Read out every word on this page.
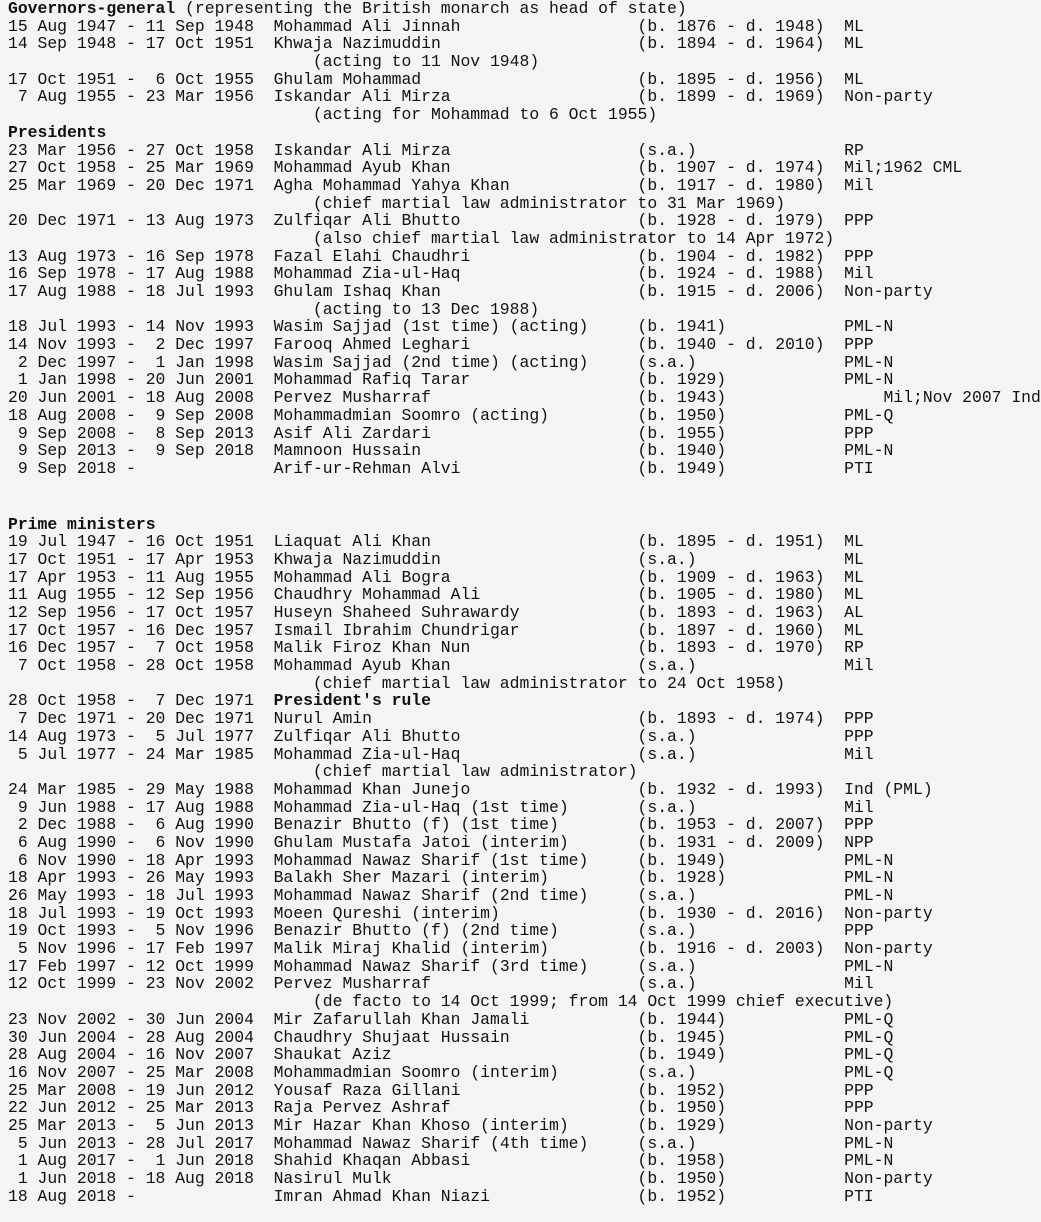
Governors-general (representing the British monarch as head of state)
15 Aug 1947 - 11 Sep 1948 Mohammad Ali Jinnah	(b. 1876 - d. 1948) ML
14 Sep 1948 - 17 Oct 1951 Khwaja Nazimuddin	(b. 1894 - d. 1964) ML
(acting to 11 Nov 1948)
17 Oct 1951 -  6 Oct 1955 Ghulam Mohammad	(b. 1895 - d. 1956) ML
7 Aug 1955 - 23 Mar 1956 Iskandar Ali Mirza	(b. 1899 - d. 1969) Non-party
(acting for Mohammad to 6 Oct 1955)
Presidents
23 Mar 1956 - 27 Oct 1958 Iskandar Ali Mirza	(s.a.)	RP
27 Oct 1958 - 25 Mar 1969 Mohammad Ayub Khan	(b. 1907 - d. 1974) Mil;1962 CML
25 Mar 1969 - 20 Dec 1971 Agha Mohammad Yahya Khan	(b. 1917 - d. 1980) Mil
(chief martial law administrator to 31 Mar 1969)
20 Dec 1971 - 13 Aug 1973 Zulfiqar Ali Bhutto	(b. 1928 - d. 1979) PPP
(also chief martial law administrator to 14 Apr 1972)
13 Aug 1973 - 16 Sep 1978 Fazal Elahi Chaudhri	(b. 1904 - d. 1982) PPP
16 Sep 1978 - 17 Aug 1988 Mohammad Zia-ul-Haq	(b. 1924 - d. 1988) Mil
17 Aug 1988 - 18 Jul 1993 Ghulam Ishaq Khan	(b. 1915 - d. 2006) Non-party
(acting to 13 Dec 1988)
18 Jul 1993 - 14 Nov 1993 Wasim Sajjad (1st time) (acting)	(b. 1941)	PML-N
14 Nov 1993 -  2 Dec 1997 Farooq Ahmed Leghari	(b. 1940 - d. 2010) PPP
2 Dec 1997 -  1 Jan 1998 Wasim Sajjad (2nd time) (acting)	(s.a.)	PML-N
1 Jan 1998 - 20 Jun 2001 Mohammad Rafiq Tarar	(b. 1929)	PML-N
20 Jun 2001 - 18 Aug 2008 Pervez Musharraf	(b. 1943)	Mil;Nov 2007 Ind
18 Aug 2008 -  9 Sep 2008 Mohammadmian Soomro (acting)	(b. 1950)	PML-Q
9 Sep 2008 -  8 Sep 2013 Asif Ali Zardari	(b. 1955)	PPP
9 Sep 2013 -  9 Sep 2018 Mamnoon Hussain	(b. 1940)	PML-N
9 Sep 2018 -              Arif-ur-Rehman Alvi	(b. 1949)	PTI
Prime ministers
19 Jul 1947 - 16 Oct 1951 Liaquat Ali Khan	(b. 1895 - d. 1951) ML
17 Oct 1951 - 17 Apr 1953 Khwaja Nazimuddin	(s.a.)	ML
17 Apr 1953 - 11 Aug 1955 Mohammad Ali Bogra	(b. 1909 - d. 1963) ML
11 Aug 1955 - 12 Sep 1956 Chaudhry Mohammad Ali	(b. 1905 - d. 1980) ML
12 Sep 1956 - 17 Oct 1957 Huseyn Shaheed Suhrawardy	(b. 1893 - d. 1963) AL
17 Oct 1957 - 16 Dec 1957 Ismail Ibrahim Chundrigar	(b. 1897 - d. 1960) ML
16 Dec 1957 -  7 Oct 1958 Malik Firoz Khan Nun	(b. 1893 - d. 1970) RP
7 Oct 1958 - 28 Oct 1958 Mohammad Ayub Khan	(s.a.)	Mil
(chief martial law administrator to 24 Oct 1958)
28 Oct 1958 -  7 Dec 1971 President's rule
7 Dec 1971 - 20 Dec 1971 Nurul Amin	(b. 1893 - d. 1974) PPP
14 Aug 1973 -  5 Jul 1977 Zulfiqar Ali Bhutto	(s.a.)	PPP
5 Jul 1977 - 24 Mar 1985 Mohammad Zia-ul-Haq	(s.a.)	Mil
(chief martial law administrator)
24 Mar 1985 - 29 May 1988 Mohammad Khan Junejo	(b. 1932 - d. 1993) Ind (PML)
9 Jun 1988 - 17 Aug 1988 Mohammad Zia-ul-Haq (1st time)	(s.a.)	Mil
2 Dec 1988 -  6 Aug 1990 Benazir Bhutto (f) (1st time)	(b. 1953 - d. 2007) PPP
6 Aug 1990 -  6 Nov 1990 Ghulam Mustafa Jatoi (interim)	(b. 1931 - d. 2009) NPP
6 Nov 1990 - 18 Apr 1993 Mohammad Nawaz Sharif (1st time)	(b. 1949)	PML-N
18 Apr 1993 - 26 May 1993 Balakh Sher Mazari (interim)	(b. 1928)	PML-N
26 May 1993 - 18 Jul 1993 Mohammad Nawaz Sharif (2nd time)	(s.a.)	PML-N
18 Jul 1993 - 19 Oct 1993 Moeen Qureshi (interim)	(b. 1930 - d. 2016) Non-party
19 Oct 1993 -  5 Nov 1996 Benazir Bhutto (f) (2nd time)	(s.a.)	PPP
5 Nov 1996 - 17 Feb 1997 Malik Miraj Khalid (interim)	(b. 1916 - d. 2003) Non-party
17 Feb 1997 - 12 Oct 1999 Mohammad Nawaz Sharif (3rd time)	(s.a.)	PML-N
12 Oct 1999 - 23 Nov 2002 Pervez Musharraf	(s.a.)	Mil
(de facto to 14 Oct 1999; from 14 Oct 1999 chief executive)
23 Nov 2002 - 30 Jun 2004 Mir Zafarullah Khan Jamali	(b. 1944)	PML-Q
30 Jun 2004 - 28 Aug 2004 Chaudhry Shujaat Hussain	(b. 1945)	PML-Q
28 Aug 2004 - 16 Nov 2007 Shaukat Aziz	(b. 1949)	PML-Q
16 Nov 2007 - 25 Mar 2008 Mohammadmian Soomro (interim)	(s.a.)	PML-Q
25 Mar 2008 - 19 Jun 2012 Yousaf Raza Gillani	(b. 1952)	PPP
22 Jun 2012 - 25 Mar 2013 Raja Pervez Ashraf	(b. 1950)	PPP
25 Mar 2013 -  5 Jun 2013 Mir Hazar Khan Khoso (interim)	(b. 1929)	Non-party
5 Jun 2013 - 28 Jul 2017 Mohammad Nawaz Sharif (4th time)	(s.a.)	PML-N
1 Aug 2017 -  1 Jun 2018 Shahid Khaqan Abbasi	(b. 1958)	PML-N
1 Jun 2018 - 18 Aug 2018 Nasirul Mulk	(b. 1950)	Non-party
18 Aug 2018 -              Imran Ahmad Khan Niazi	(b. 1952)	PTI
